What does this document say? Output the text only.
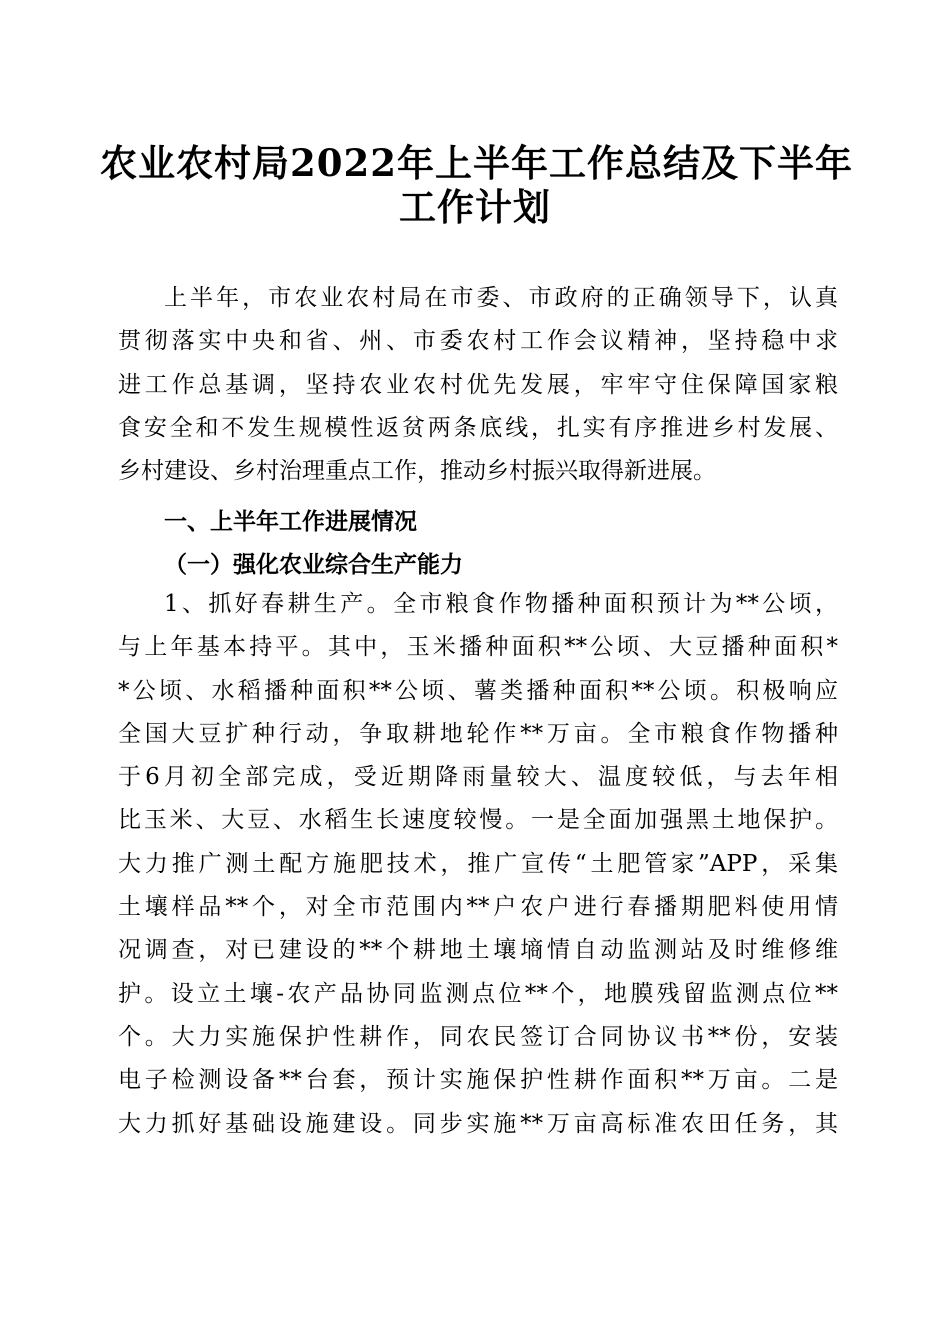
农业农村局2022年上半年工作总结及下半年
工作计划
上半年，市农业农村局在市委、市政府的正确领导下，认真
贯彻落实中央和省、州、市委农村工作会议精神，坚持稳中求
进工作总基调，坚持农业农村优先发展，牢牢守住保障国家粮
食安全和不发生规模性返贫两条底线，扎实有序推进乡村发展、
乡村建设、乡村治理重点工作，推动乡村振兴取得新进展。
一、上半年工作进展情况
（一）强化农业综合生产能力
1、抓好春耕生产。全市粮食作物播种面积预计为**公顷，
与上年基本持平。其中，玉米播种面积**公顷、大豆播种面积*
*公顷、水稻播种面积**公顷、薯类播种面积**公顷。积极响应
全国大豆扩种行动，争取耕地轮作**万亩。全市粮食作物播种
于6月初全部完成，受近期降雨量较大、温度较低，与去年相
比玉米、大豆、水稻生长速度较慢。一是全面加强黑土地保护。
大力推广测土配方施肥技术，推广宣传“土肥管家”APP，采集
土壤样品**个，对全市范围内**户农户进行春播期肥料使用情
况调查，对已建设的**个耕地土壤墒情自动监测站及时维修维
护。设立土壤-农产品协同监测点位**个，地膜残留监测点位**
个。大力实施保护性耕作，同农民签订合同协议书**份，安装
电子检测设备**台套，预计实施保护性耕作面积**万亩。二是
大力抓好基础设施建设。同步实施**万亩高标准农田任务，其
